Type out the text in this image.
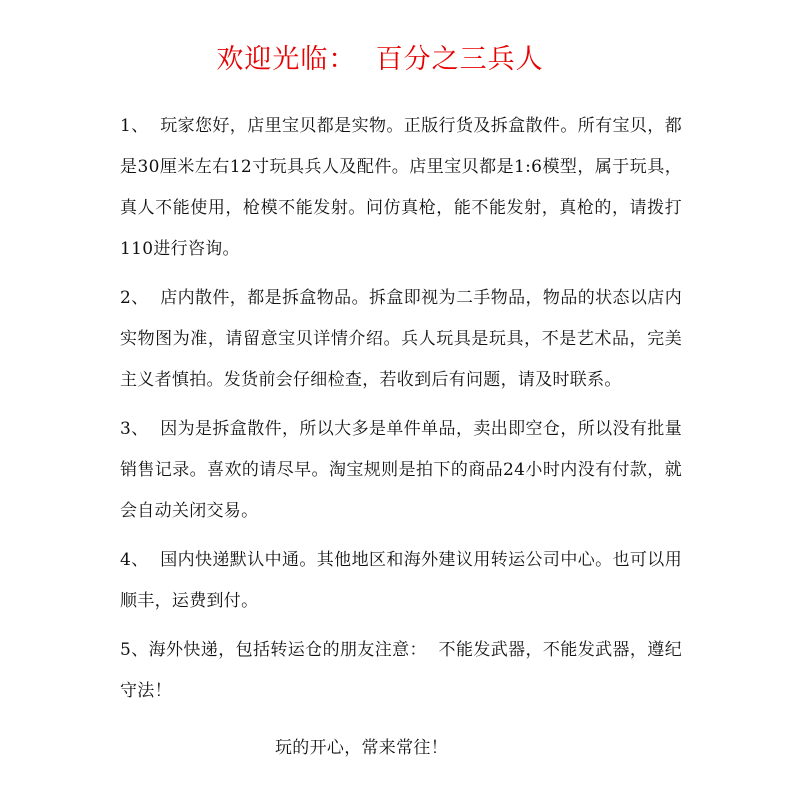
欢迎光临：  百分之三兵人

1、  玩家您好，店里宝贝都是实物。正版行货及拆盒散件。所有宝贝，都是30厘米左右12寸玩具兵人及配件。店里宝贝都是1:6模型，属于玩具，真人不能使用，枪模不能发射。问仿真枪，能不能发射，真枪的，请拨打110进行咨询。

2、  店内散件，都是拆盒物品。拆盒即视为二手物品，物品的状态以店内实物图为准，请留意宝贝详情介绍。兵人玩具是玩具，不是艺术品，完美主义者慎拍。发货前会仔细检查，若收到后有问题，请及时联系。

3、  因为是拆盒散件，所以大多是单件单品，卖出即空仓，所以没有批量销售记录。喜欢的请尽早。淘宝规则是拍下的商品24小时内没有付款，就会自动关闭交易。

4、  国内快递默认中通。其他地区和海外建议用转运公司中心。也可以用顺丰，运费到付。

5、海外快递，包括转运仓的朋友注意：  不能发武器，不能发武器，遵纪守法！

玩的开心，常来常往！
